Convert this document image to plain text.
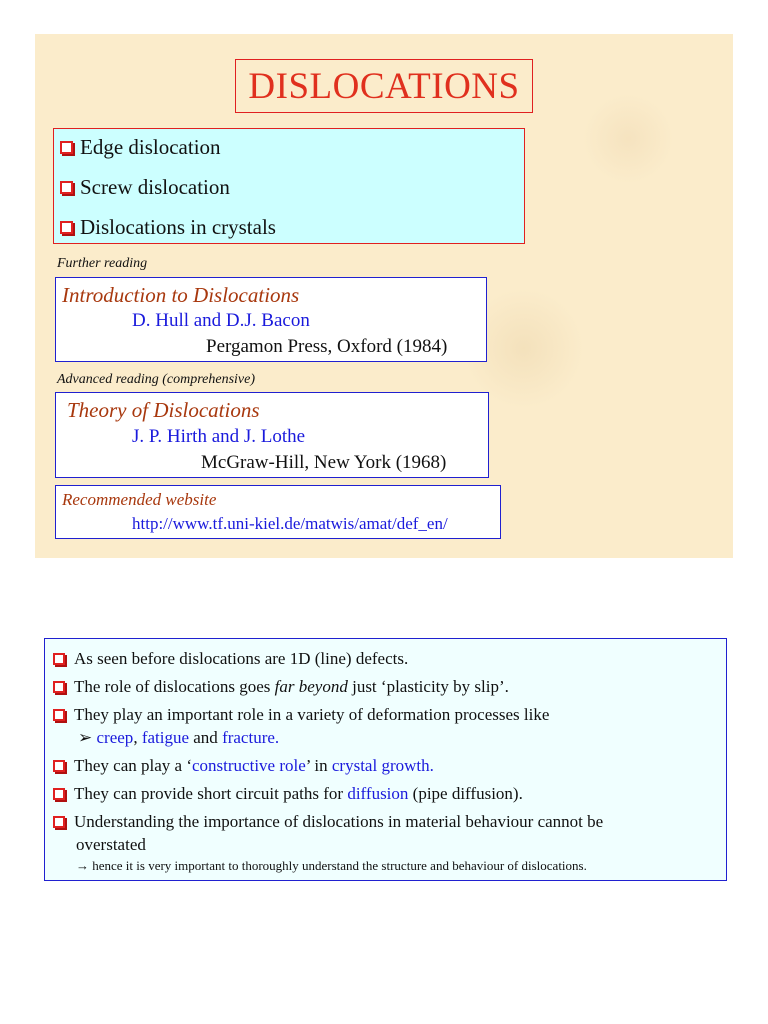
DISLOCATIONS
Edge dislocation
Screw dislocation
Dislocations in crystals
Further reading
Introduction to Dislocations
D. Hull and D.J. Bacon
Pergamon Press, Oxford (1984)
Advanced reading (comprehensive)
Theory of Dislocations
J. P. Hirth and J. Lothe
McGraw-Hill, New York (1968)
Recommended website
http://www.tf.uni-kiel.de/matwis/amat/def_en/
As seen before dislocations are 1D (line) defects.
The role of dislocations goes far beyond just ‘plasticity by slip’.
They play an important role in a variety of deformation processes like
➢ creep, fatigue and fracture.
They can play a ‘constructive role’ in crystal growth.
They can provide short circuit paths for diffusion (pipe diffusion).
Understanding the importance of dislocations in material behaviour cannot be
overstated
→ hence it is very important to thoroughly understand the structure and behaviour of dislocations.
